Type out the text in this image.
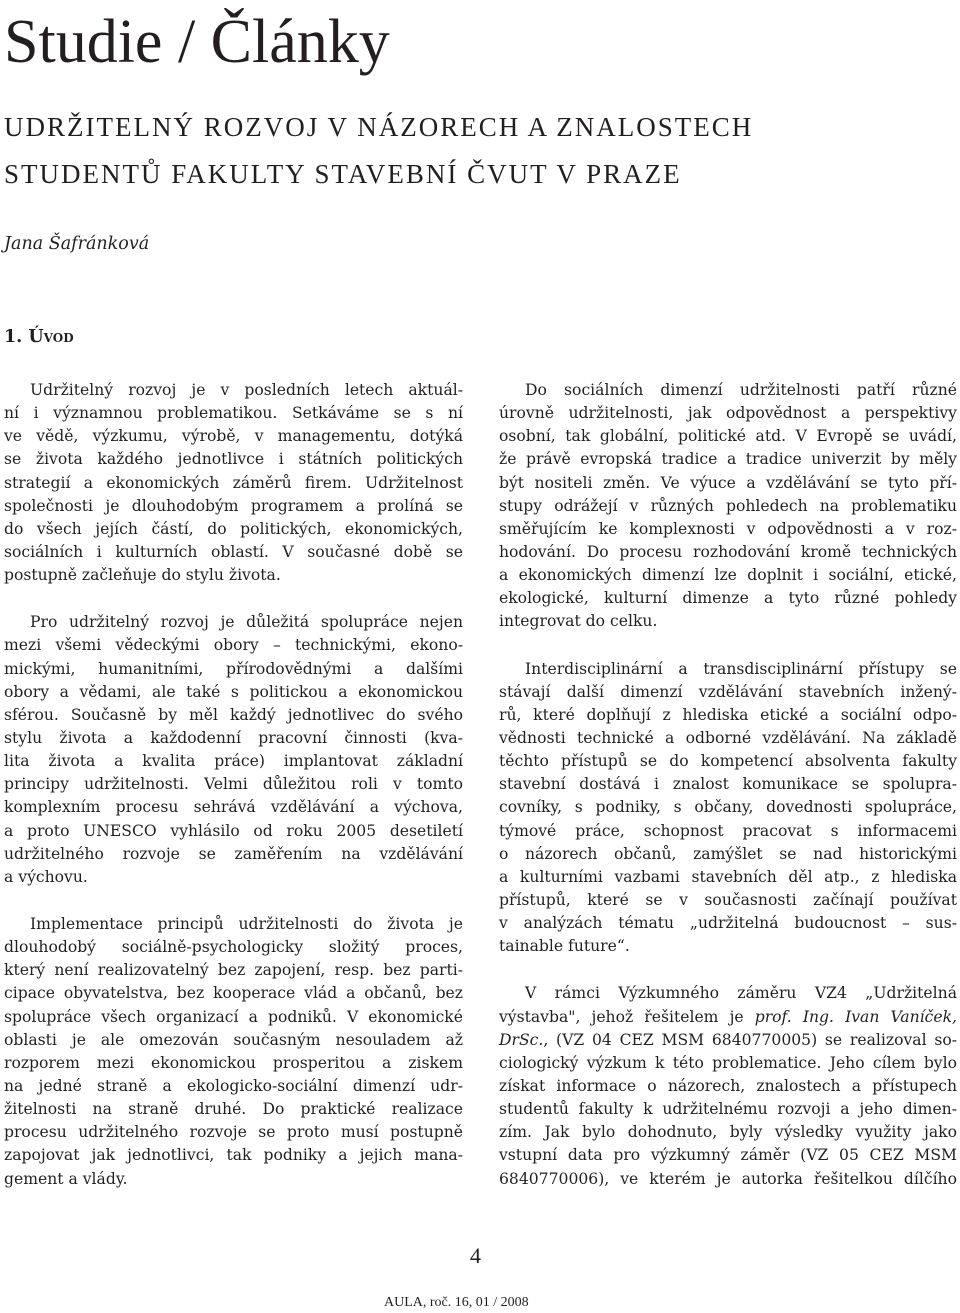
Studie / Články
UDRŽITELNÝ ROZVOJ V NÁZORECH A ZNALOSTECH
STUDENTŮ FAKULTY STAVEBNÍ ČVUT V PRAZE
Jana Šafránková
1. Úvod
Udržitelný rozvoj je v posledních letech aktuál-
ní i významnou problematikou. Setkáváme se s ní
ve vědě, výzkumu, výrobě, v managementu, dotýká
se života každého jednotlivce i státních politických
strategií a ekonomických záměrů firem. Udržitelnost
společnosti je dlouhodobým programem a prolíná se
do všech jejích částí, do politických, ekonomických,
sociálních i kulturních oblastí. V současné době se
postupně začleňuje do stylu života.
Pro udržitelný rozvoj je důležitá spolupráce nejen
mezi všemi vědeckými obory – technickými, ekono-
mickými, humanitními, přírodovědnými a dalšími
obory a vědami, ale také s politickou a ekonomickou
sférou. Současně by měl každý jednotlivec do svého
stylu života a každodenní pracovní činnosti (kva-
lita života a kvalita práce) implantovat základní
principy udržitelnosti. Velmi důležitou roli v tomto
komplexním procesu sehrává vzdělávání a výchova,
a proto UNESCO vyhlásilo od roku 2005 desetiletí
udržitelného rozvoje se zaměřením na vzdělávání
a výchovu.
Implementace principů udržitelnosti do života je
dlouhodobý sociálně-psychologicky složitý proces,
který není realizovatelný bez zapojení, resp. bez parti-
cipace obyvatelstva, bez kooperace vlád a občanů, bez
spolupráce všech organizací a podniků. V ekonomické
oblasti je ale omezován současným nesouladem až
rozporem mezi ekonomickou prosperitou a ziskem
na jedné straně a ekologicko-sociální dimenzí udr-
žitelnosti na straně druhé. Do praktické realizace
procesu udržitelného rozvoje se proto musí postupně
zapojovat jak jednotlivci, tak podniky a jejich mana-
gement a vlády.
Do sociálních dimenzí udržitelnosti patří různé
úrovně udržitelnosti, jak odpovědnost a perspektivy
osobní, tak globální, politické atd. V Evropě se uvádí,
že právě evropská tradice a tradice univerzit by měly
být nositeli změn. Ve výuce a vzdělávání se tyto pří-
stupy odrážejí v různých pohledech na problematiku
směřujícím ke komplexnosti v odpovědnosti a v roz-
hodování. Do procesu rozhodování kromě technických
a ekonomických dimenzí lze doplnit i sociální, etické,
ekologické, kulturní dimenze a tyto různé pohledy
integrovat do celku.
Interdisciplinární a transdisciplinární přístupy se
stávají další dimenzí vzdělávání stavebních inžený-
rů, které doplňují z hlediska etické a sociální odpo-
vědnosti technické a odborné vzdělávání. Na základě
těchto přístupů se do kompetencí absolventa fakulty
stavební dostává i znalost komunikace se spolupra-
covníky, s podniky, s občany, dovednosti spolupráce,
týmové práce, schopnost pracovat s informacemi
o názorech občanů, zamýšlet se nad historickými
a kulturními vazbami stavebních děl atp., z hlediska
přístupů, které se v současnosti začínají používat
v analýzách tématu „udržitelná budoucnost – sus-
tainable future“.
V rámci Výzkumného záměru VZ4 „Udržitelná
výstavba", jehož řešitelem je prof. Ing. Ivan Vaníček,
DrSc., (VZ 04 CEZ MSM 6840770005) se realizoval so-
ciologický výzkum k této problematice. Jeho cílem bylo
získat informace o názorech, znalostech a přístupech
studentů fakulty k udržitelnému rozvoji a jeho dimen-
zím. Jak bylo dohodnuto, byly výsledky využity jako
vstupní data pro výzkumný záměr (VZ 05 CEZ MSM
6840770006), ve kterém je autorka řešitelkou dílčího
4
AULA, roč. 16, 01 / 2008
